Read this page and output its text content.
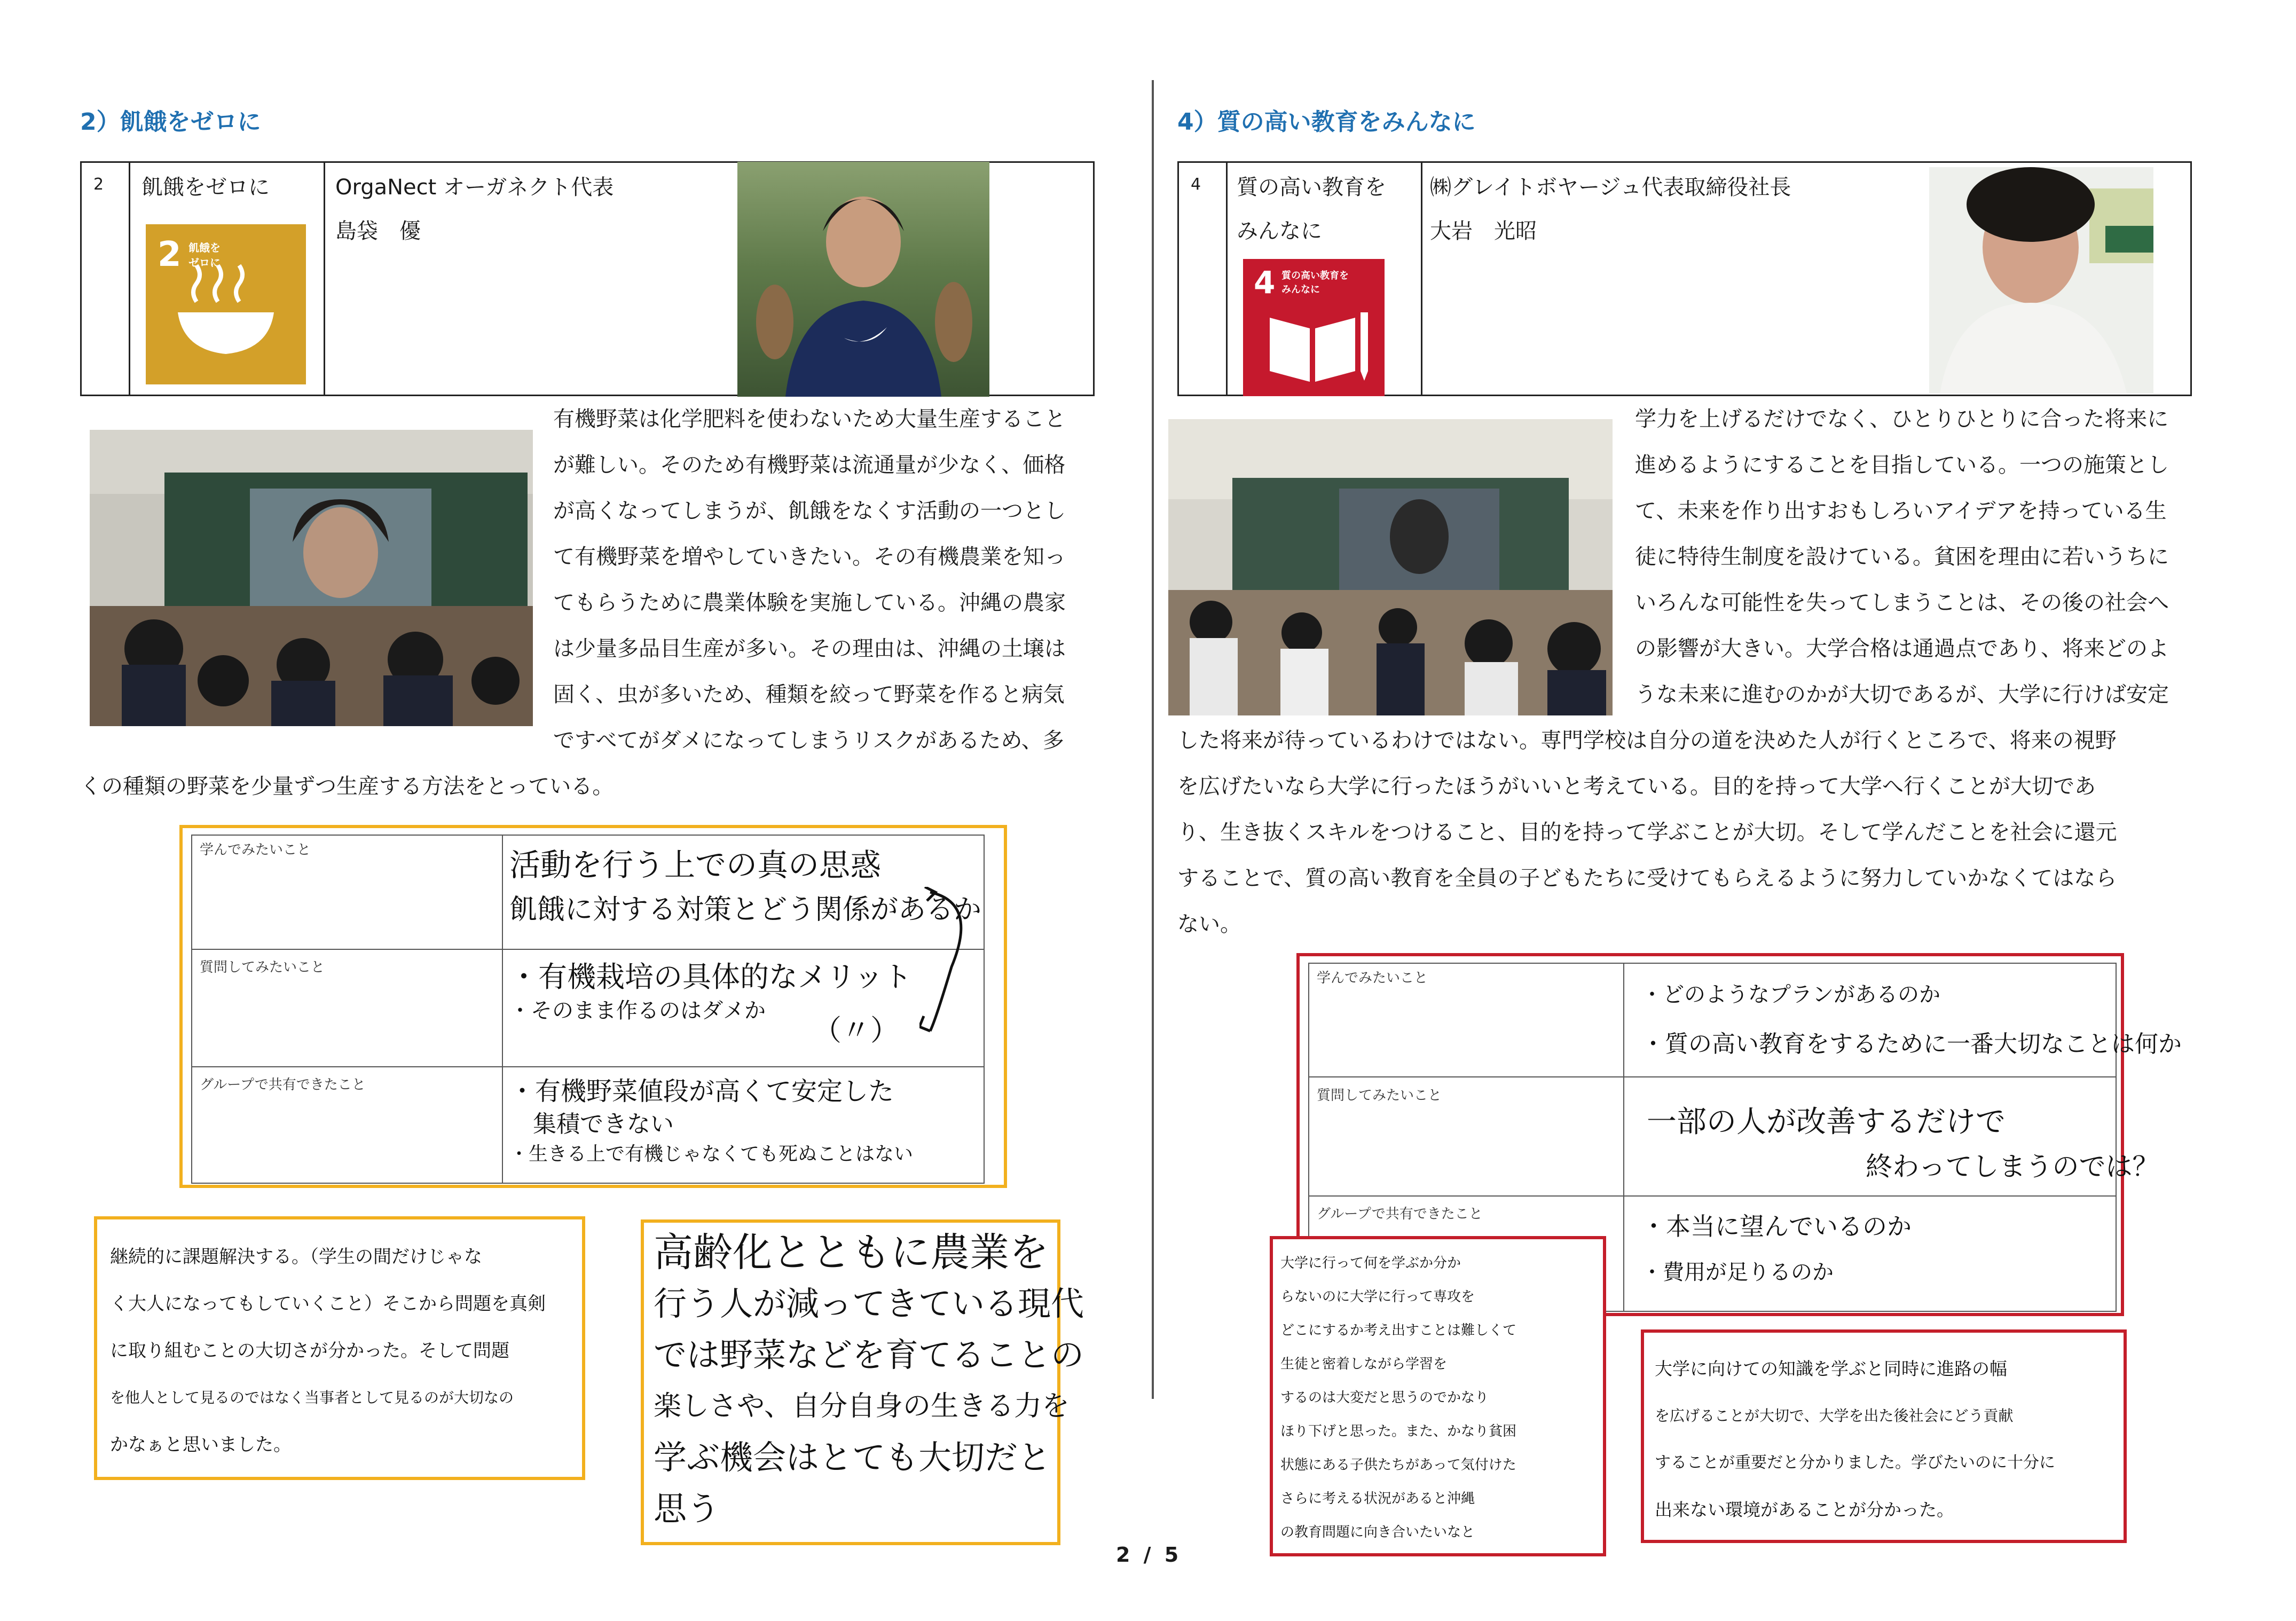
2）飢餓をゼロに
2 飢餓をゼロに
2 飢餓を
ゼロに
OrgaNect オーガネクト代表
島袋　優
有機野菜は化学肥料を使わないため大量生産すること
が難しい。そのため有機野菜は流通量が少なく、価格
が高くなってしまうが、飢餓をなくす活動の一つとし
て有機野菜を増やしていきたい。その有機農業を知っ
てもらうために農業体験を実施している。沖縄の農家
は少量多品目生産が多い。その理由は、沖縄の土壌は
固く、虫が多いため、種類を絞って野菜を作ると病気
ですべてがダメになってしまうリスクがあるため、多
くの種類の野菜を少量ずつ生産する方法をとっている。
学んでみたいこと
質問してみたいこと
グループで共有できたこと
活動を行う上での真の思惑
飢餓に対する対策とどう関係があるか
・有機栽培の具体的なメリット
・そのまま作るのはダメか
（〃）
・有機野菜値段が高くて安定した
　集積できない
・生きる上で有機じゃなくても死ぬことはない
継続的に課題解決する。（学生の間だけじゃな
く大人になってもしていくこと）そこから問題を真剣
に取り組むことの大切さが分かった。そして問題
を他人として見るのではなく当事者として見るのが大切なの
かなぁと思いました。
高齢化とともに農業を
行う人が減ってきている現代
では野菜などを育てることの
楽しさや、自分自身の生きる力を
学ぶ機会はとても大切だと
思う
4）質の高い教育をみんなに
4 質の高い教育を
みんなに
4 質の高い教育を
みんなに
㈱グレイトボヤージュ代表取締役社長
大岩　光昭
学力を上げるだけでなく、ひとりひとりに合った将来に
進めるようにすることを目指している。一つの施策とし
て、未来を作り出すおもしろいアイデアを持っている生
徒に特待生制度を設けている。貧困を理由に若いうちに
いろんな可能性を失ってしまうことは、その後の社会へ
の影響が大きい。大学合格は通過点であり、将来どのよ
うな未来に進むのかが大切であるが、大学に行けば安定
した将来が待っているわけではない。専門学校は自分の道を決めた人が行くところで、将来の視野
を広げたいなら大学に行ったほうがいいと考えている。目的を持って大学へ行くことが大切であ
り、生き抜くスキルをつけること、目的を持って学ぶことが大切。そして学んだことを社会に還元
することで、質の高い教育を全員の子どもたちに受けてもらえるように努力していかなくてはなら
ない。
学んでみたいこと
質問してみたいこと
グループで共有できたこと
・どのようなプランがあるのか
・質の高い教育をするために一番大切なことは何か
一部の人が改善するだけで
終わってしまうのでは？
・本当に望んでいるのか
・費用が足りるのか
大学に行って何を学ぶか分か
らないのに大学に行って専攻を
どこにするか考え出すことは難しくて
生徒と密着しながら学習を
するのは大変だと思うのでかなり
ほり下げと思った。また、かなり貧困
状態にある子供たちがあって気付けた
さらに考える状況があると沖縄
の教育問題に向き合いたいなと
大学に向けての知識を学ぶと同時に進路の幅
を広げることが大切で、大学を出た後社会にどう貢献
することが重要だと分かりました。学びたいのに十分に
出来ない環境があることが分かった。
2 / 5
